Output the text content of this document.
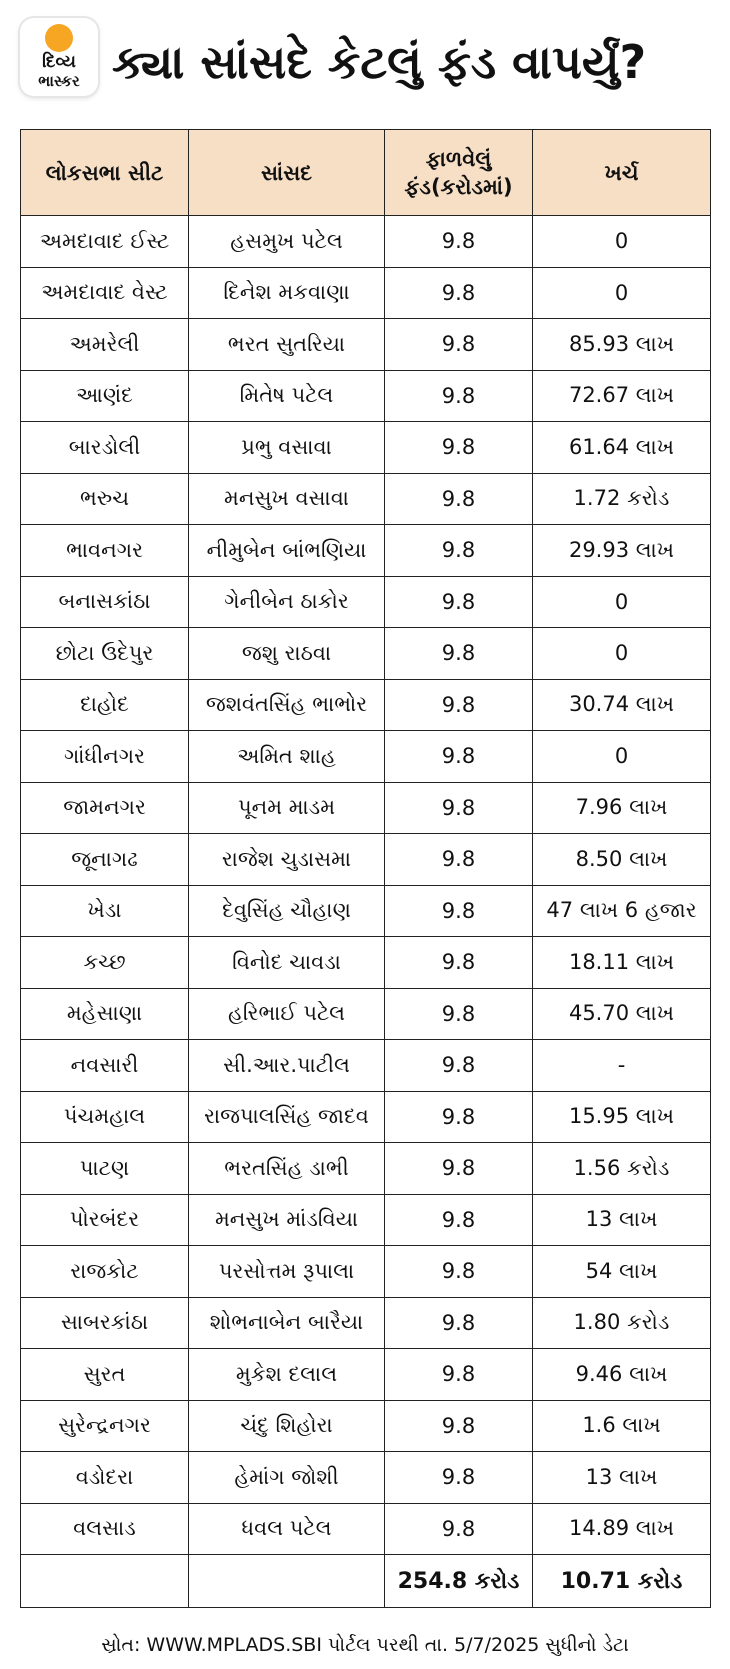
દિવ્ય
ભાસ્કર ક્યા સાંસદે કેટલું ફંડ વાપર્યું?
લોકસભા સીટ	સાંસદ	ફાળવેલું ફંડ(કરોડમાં)	ખર્ચ
અમદાવાદ ઈસ્ટ	હસમુખ પટેલ	9.8	0
અમદાવાદ વેસ્ટ	દિનેશ મકવાણા	9.8	0
અમરેલી	ભરત સુતરિયા	9.8	85.93 લાખ
આણંદ	મિતેષ પટેલ	9.8	72.67 લાખ
બારડોલી	પ્રભુ વસાવા	9.8	61.64 લાખ
ભરુચ	મનસુખ વસાવા	9.8	1.72 કરોડ
ભાવનગર	નીમુબેન બાંભણિયા	9.8	29.93 લાખ
બનાસકાંઠા	ગેનીબેન ઠાકોર	9.8	0
છોટા ઉદેપુર	જશુ રાઠવા	9.8	0
દાહોદ	જશવંતસિંહ ભાભોર	9.8	30.74 લાખ
ગાંધીનગર	અમિત શાહ	9.8	0
જામનગર	પૂનમ માડમ	9.8	7.96 લાખ
જૂનાગઢ	રાજેશ ચુડાસમા	9.8	8.50 લાખ
ખેડા	દેવુસિંહ ચૌહાણ	9.8	47 લાખ 6 હજાર
કચ્છ	વિનોદ ચાવડા	9.8	18.11 લાખ
મહેસાણા	હરિભાઈ પટેલ	9.8	45.70 લાખ
નવસારી	સી.આર.પાટીલ	9.8	-
પંચમહાલ	રાજપાલસિંહ જાદવ	9.8	15.95 લાખ
પાટણ	ભરતસિંહ ડાભી	9.8	1.56 કરોડ
પોરબંદર	મનસુખ માંડવિયા	9.8	13 લાખ
રાજકોટ	પરસોત્તમ રૂપાલા	9.8	54 લાખ
સાબરકાંઠા	શોભનાબેન બારૈયા	9.8	1.80 કરોડ
સુરત	મુકેશ દલાલ	9.8	9.46 લાખ
સુરેન્દ્રનગર	ચંદુ શિહોરા	9.8	1.6 લાખ
વડોદરા	હેમાંગ જોશી	9.8	13 લાખ
વલસાડ	ધવલ પટેલ	9.8	14.89 લાખ
		254.8 કરોડ	10.71 કરોડ
સ્રોત: WWW.MPLADS.SBI પોર્ટલ પરથી તા. 5/7/2025 સુધીનો ડેટા
